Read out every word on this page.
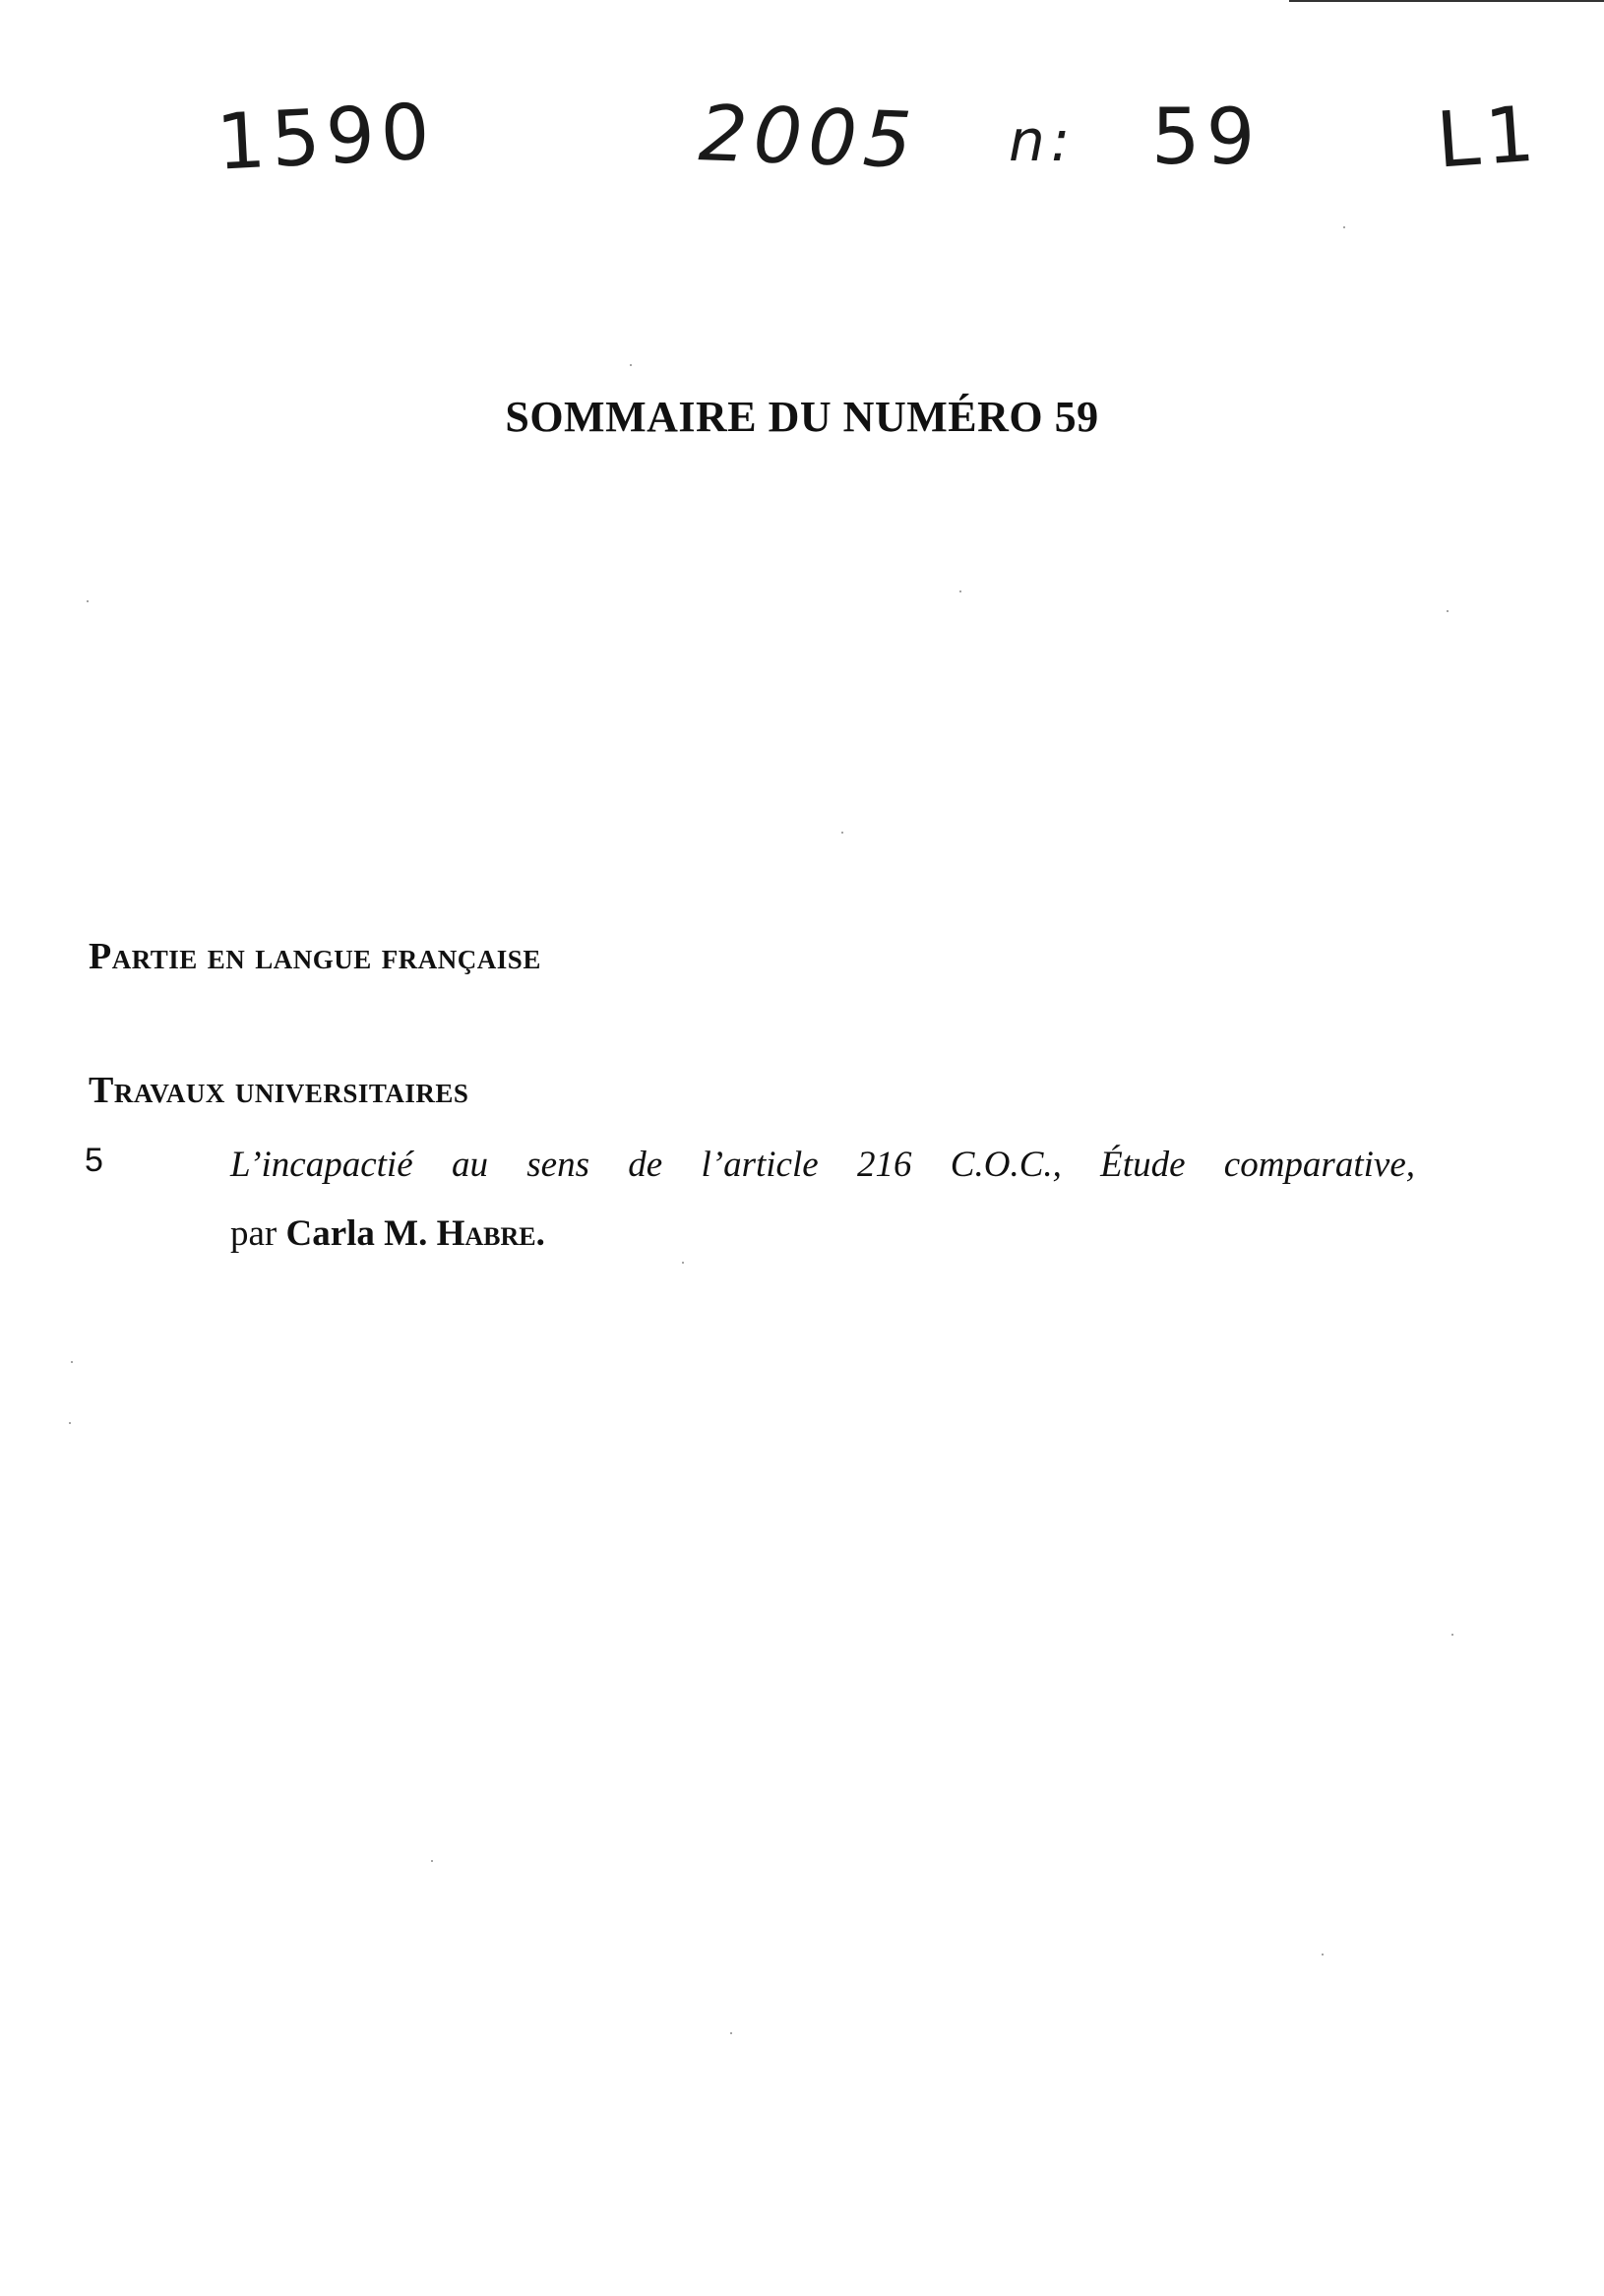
1590	2005 n: 59 L1
SOMMAIRE DU NUMÉRO 59
Partie en langue française
Travaux universitaires
5	L’incapactié au sens de l’article 216 C.O.C., Étude comparative,
par Carla M. Habre.
